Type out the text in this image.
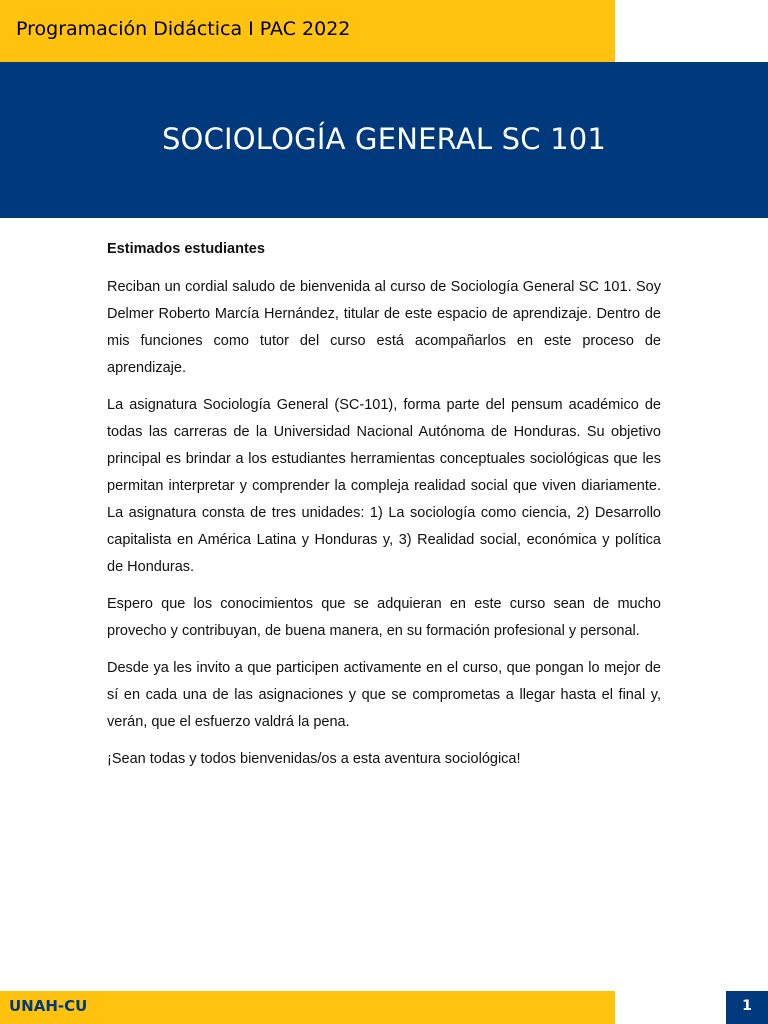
Programación Didáctica I PAC 2022
SOCIOLOGÍA GENERAL SC 101

Estimados estudiantes

Reciban un cordial saludo de bienvenida al curso de Sociología General SC 101. Soy Delmer Roberto Marcía Hernández, titular de este espacio de aprendizaje. Dentro de mis funciones como tutor del curso está acompañarlos en este proceso de aprendizaje.

La asignatura Sociología General (SC-101), forma parte del pensum académico de todas las carreras de la Universidad Nacional Autónoma de Honduras. Su objetivo principal es brindar a los estudiantes herramientas conceptuales sociológicas que les permitan interpretar y comprender la compleja realidad social que viven diariamente. La asignatura consta de tres unidades: 1) La sociología como ciencia, 2) Desarrollo capitalista en América Latina y Honduras y, 3) Realidad social, económica y política de Honduras.

Espero que los conocimientos que se adquieran en este curso sean de mucho provecho y contribuyan, de buena manera, en su formación profesional y personal.

Desde ya les invito a que participen activamente en el curso, que pongan lo mejor de sí en cada una de las asignaciones y que se comprometas a llegar hasta el final y, verán, que el esfuerzo valdrá la pena.

¡Sean todas y todos bienvenidas/os a esta aventura sociológica!

UNAH-CU	1
